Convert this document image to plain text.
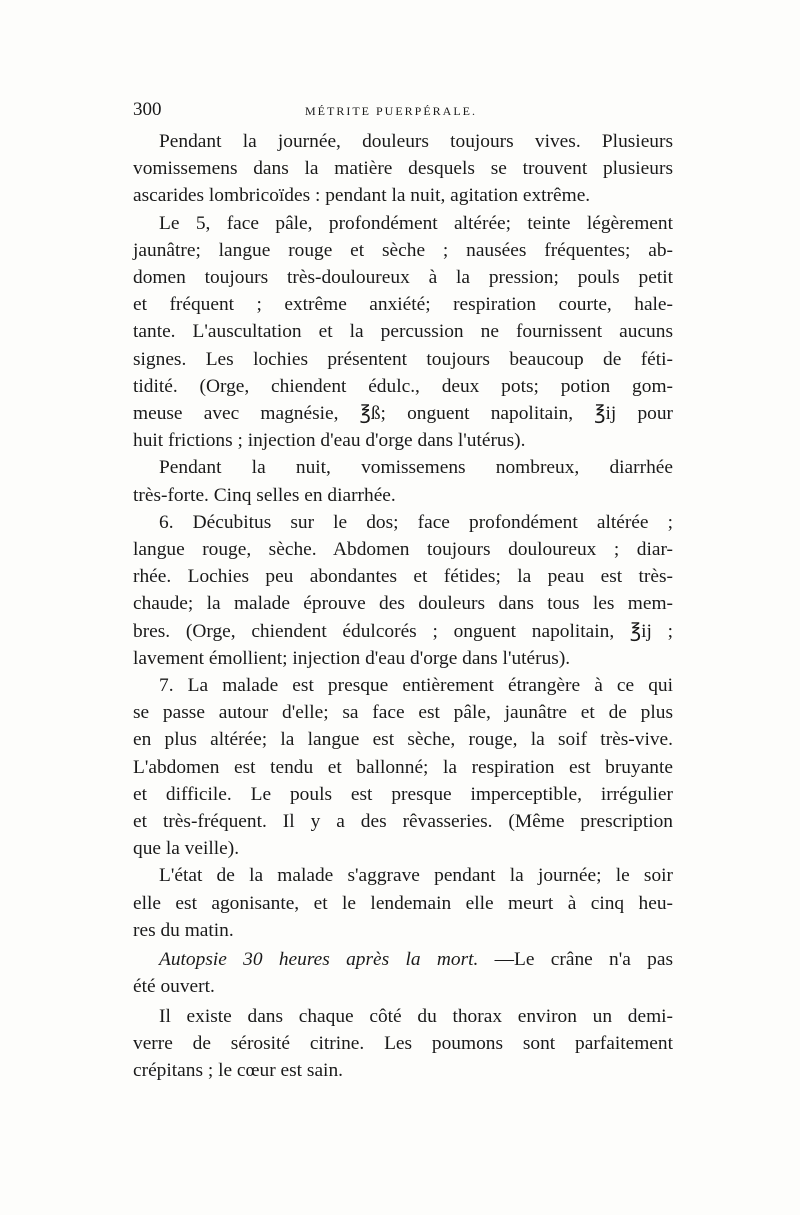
300	MÉTRITE PUERPÉRALE.

Pendant la journée, douleurs toujours vives. Plusieurs
vomissemens dans la matière desquels se trouvent plusieurs
ascarides lombricoïdes : pendant la nuit, agitation extrême.

Le 5, face pâle, profondément altérée; teinte légèrement
jaunâtre; langue rouge et sèche ; nausées fréquentes; ab-
domen toujours très-douloureux à la pression; pouls petit
et fréquent ; extrême anxiété; respiration courte, hale-
tante. L'auscultation et la percussion ne fournissent aucuns
signes. Les lochies présentent toujours beaucoup de féti-
tidité. (Orge, chiendent édulc., deux pots; potion gom-
meuse avec magnésie, ℥ß; onguent napolitain, ℥ij pour
huit frictions ; injection d'eau d'orge dans l'utérus).

Pendant la nuit, vomissemens nombreux, diarrhée
très-forte. Cinq selles en diarrhée.

6. Décubitus sur le dos; face profondément altérée ;
langue rouge, sèche. Abdomen toujours douloureux ; diar-
rhée. Lochies peu abondantes et fétides; la peau est très-
chaude; la malade éprouve des douleurs dans tous les mem-
bres. (Orge, chiendent édulcorés ; onguent napolitain, ℥ij ;
lavement émollient; injection d'eau d'orge dans l'utérus).

7. La malade est presque entièrement étrangère à ce qui
se passe autour d'elle; sa face est pâle, jaunâtre et de plus
en plus altérée; la langue est sèche, rouge, la soif très-vive.
L'abdomen est tendu et ballonné; la respiration est bruyante
et difficile. Le pouls est presque imperceptible, irrégulier
et très-fréquent. Il y a des rêvasseries. (Même prescription
que la veille).

L'état de la malade s'aggrave pendant la journée; le soir
elle est agonisante, et le lendemain elle meurt à cinq heu-
res du matin.

Autopsie 30 heures après la mort. —Le crâne n'a pas
été ouvert.

Il existe dans chaque côté du thorax environ un demi-
verre de sérosité citrine. Les poumons sont parfaitement
crépitans ; le cœur est sain.
